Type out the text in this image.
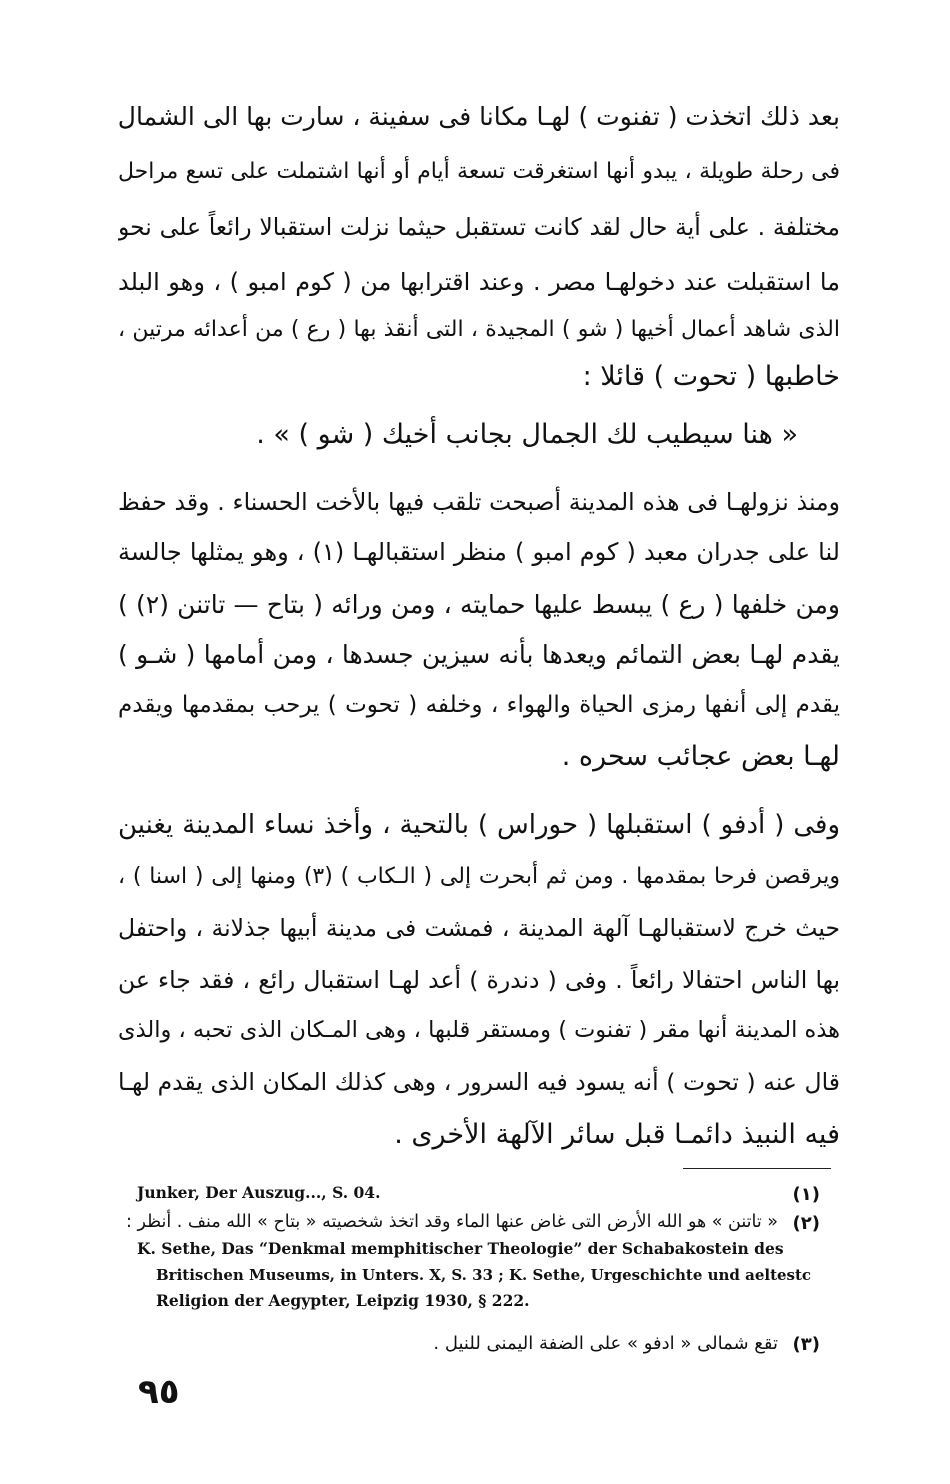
بعد ذلك اتخذت ( تفنوت ) لهـا مكانا فى سفينة ، سارت بها الى الشمال
فى رحلة طويلة ، يبدو أنها استغرقت تسعة أيام أو أنها اشتملت على تسع مراحل
مختلفة . على أية حال لقد كانت تستقبل حيثما نزلت استقبالا رائعاً على نحو
ما استقبلت عند دخولهـا مصر . وعند اقترابها من ( كوم امبو ) ، وهو البلد
الذى شاهد أعمال أخيها ( شو ) المجيدة ، التى أنقذ بها ( رع ) من أعدائه مرتين ،
خاطبها ( تحوت ) قائلا :
« هنا سيطيب لك الجمال بجانب أخيك ( شو ) » .
ومنذ نزولهـا فى هذه المدينة أصبحت تلقب فيها بالأخت الحسناء . وقد حفظ
لنا على جدران معبد ( كوم امبو ) منظر استقبالهـا (١) ، وهو يمثلها جالسة
ومن خلفها ( رع ) يبسط عليها حمايته ، ومن ورائه ( بتاح — تاتنن (٢) )
يقدم لهـا بعض التمائم ويعدها بأنه سيزين جسدها ، ومن أمامها ( شـو )
يقدم إلى أنفها رمزى الحياة والهواء ، وخلفه ( تحوت ) يرحب بمقدمها ويقدم
لهـا بعض عجائب سحره .
وفى ( أدفو ) استقبلها ( حوراس ) بالتحية ، وأخذ نساء المدينة يغنين
ويرقصن فرحا بمقدمها . ومن ثم أبحرت إلى ( الـكاب ) (٣) ومنها إلى ( اسنا ) ،
حيث خرج لاستقبالهـا آلهة المدينة ، فمشت فى مدينة أبيها جذلانة ، واحتفل
بها الناس احتفالا رائعاً . وفى ( دندرة ) أعد لهـا استقبال رائع ، فقد جاء عن
هذه المدينة أنها مقر ( تفنوت ) ومستقر قلبها ، وهى المـكان الذى تحبه ، والذى
قال عنه ( تحوت ) أنه يسود فيه السرور ، وهى كذلك المكان الذى يقدم لهـا
فيه النبيذ دائمـا قبل سائر الآلهة الأخرى .
(١)
Junker, Der Auszug..., S. 04.
(٢)
« تاتنن » هو الله الأرض التى غاض عنها الماء وقد اتخذ شخصيته « بتاح » الله منف . أنظر :
K. Sethe, Das “Denkmal memphitischer Theologie” der Schabakostein des
Britischen Museums, in Unters. X, S. 33 ; K. Sethe, Urgeschichte und aeltestc
Religion der Aegypter, Leipzig 1930, § 222.
(٣)
تقع شمالى « ادفو » على الضفة اليمنى للنيل .
٩٥
